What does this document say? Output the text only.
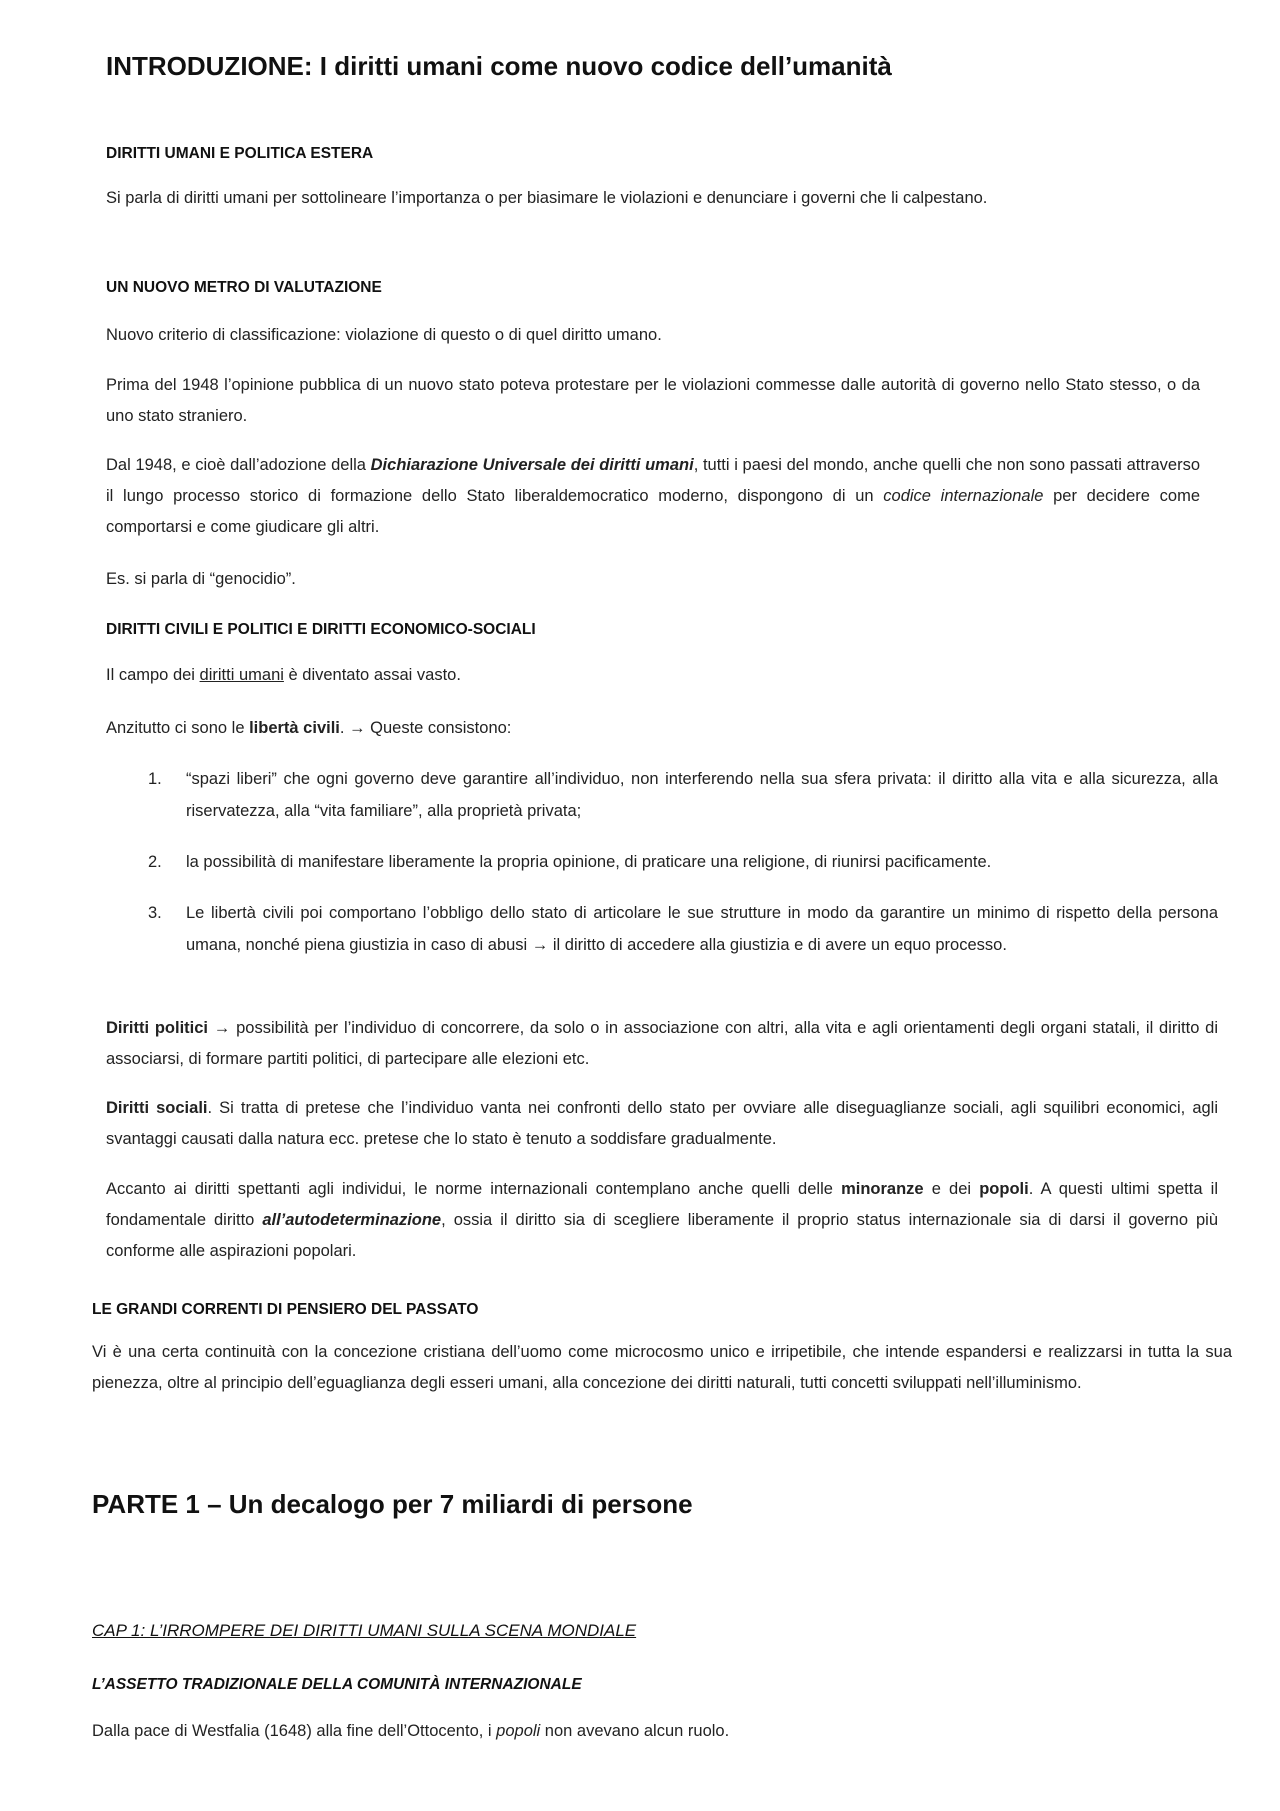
INTRODUZIONE: I diritti umani come nuovo codice dell’umanità
DIRITTI UMANI E POLITICA ESTERA

Si parla di diritti umani per sottolineare l’importanza o per biasimare le violazioni e denunciare i governi che li calpestano.

UN NUOVO METRO DI VALUTAZIONE

Nuovo criterio di classificazione: violazione di questo o di quel diritto umano.

Prima del 1948 l’opinione pubblica di un nuovo stato poteva protestare per le violazioni commesse dalle autorità di governo nello Stato stesso, o da uno stato straniero.

Dal 1948, e cioè dall’adozione della Dichiarazione Universale dei diritti umani, tutti i paesi del mondo, anche quelli che non sono passati attraverso il lungo processo storico di formazione dello Stato liberaldemocratico moderno, dispongono di un codice internazionale per decidere come comportarsi e come giudicare gli altri.

Es. si parla di “genocidio”.

DIRITTI CIVILI E POLITICI E DIRITTI ECONOMICO-SOCIALI

Il campo dei diritti umani è diventato assai vasto.

Anzitutto ci sono le libertà civili. → Queste consistono:

1. “spazi liberi” che ogni governo deve garantire all’individuo, non interferendo nella sua sfera privata: il diritto alla vita e alla sicurezza, alla riservatezza, alla “vita familiare”, alla proprietà privata;
2. la possibilità di manifestare liberamente la propria opinione, di praticare una religione, di riunirsi pacificamente.
3. Le libertà civili poi comportano l’obbligo dello stato di articolare le sue strutture in modo da garantire un minimo di rispetto della persona umana, nonché piena giustizia in caso di abusi → il diritto di accedere alla giustizia e di avere un equo processo.

Diritti politici → possibilità per l’individuo di concorrere, da solo o in associazione con altri, alla vita e agli orientamenti degli organi statali, il diritto di associarsi, di formare partiti politici, di partecipare alle elezioni etc.

Diritti sociali. Si tratta di pretese che l’individuo vanta nei confronti dello stato per ovviare alle diseguaglianze sociali, agli squilibri economici, agli svantaggi causati dalla natura ecc. pretese che lo stato è tenuto a soddisfare gradualmente.

Accanto ai diritti spettanti agli individui, le norme internazionali contemplano anche quelli delle minoranze e dei popoli. A questi ultimi spetta il fondamentale diritto all’autodeterminazione, ossia il diritto sia di scegliere liberamente il proprio status internazionale sia di darsi il governo più conforme alle aspirazioni popolari.

LE GRANDI CORRENTI DI PENSIERO DEL PASSATO

Vi è una certa continuità con la concezione cristiana dell’uomo come microcosmo unico e irripetibile, che intende espandersi e realizzarsi in tutta la sua pienezza, oltre al principio dell’eguaglianza degli esseri umani, alla concezione dei diritti naturali, tutti concetti sviluppati nell’illuminismo.

PARTE 1 – Un decalogo per 7 miliardi di persone
CAP 1: L’IRROMPERE DEI DIRITTI UMANI SULLA SCENA MONDIALE
L’ASSETTO TRADIZIONALE DELLA COMUNITÀ INTERNAZIONALE

Dalla pace di Westfalia (1648) alla fine dell’Ottocento, i popoli non avevano alcun ruolo.
